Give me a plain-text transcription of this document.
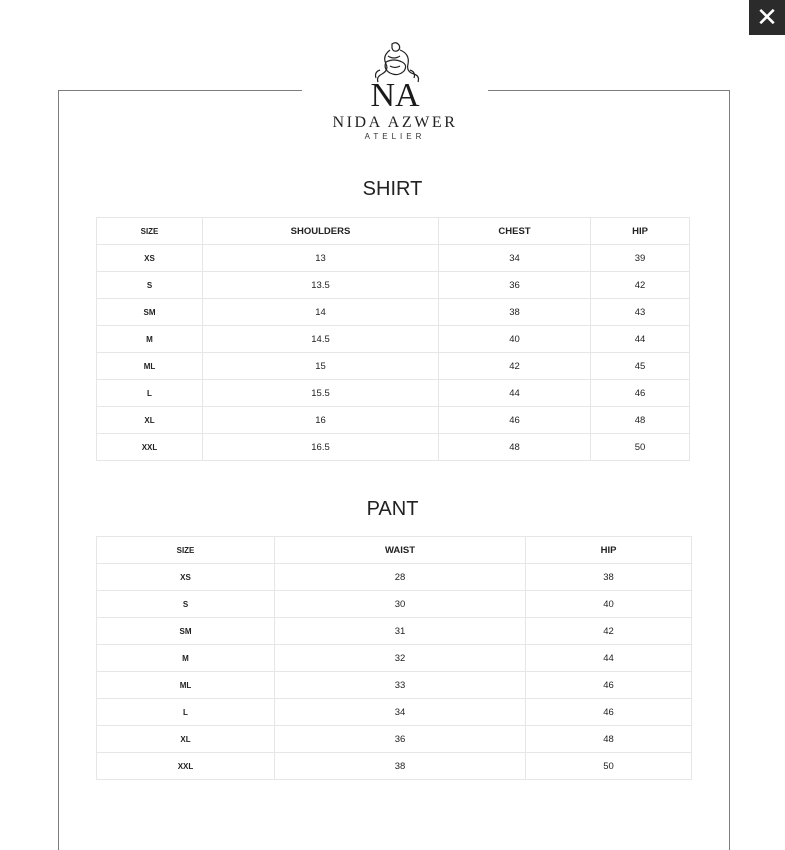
✕
NA
NIDA AZWER
ATELIER
SHIRT
SIZE	SHOULDERS	CHEST	HIP
XS	13	34	39
S	13.5	36	42
SM	14	38	43
M	14.5	40	44
ML	15	42	45
L	15.5	44	46
XL	16	46	48
XXL	16.5	48	50
PANT
SIZE	WAIST	HIP
XS	28	38
S	30	40
SM	31	42
M	32	44
ML	33	46
L	34	46
XL	36	48
XXL	38	50
